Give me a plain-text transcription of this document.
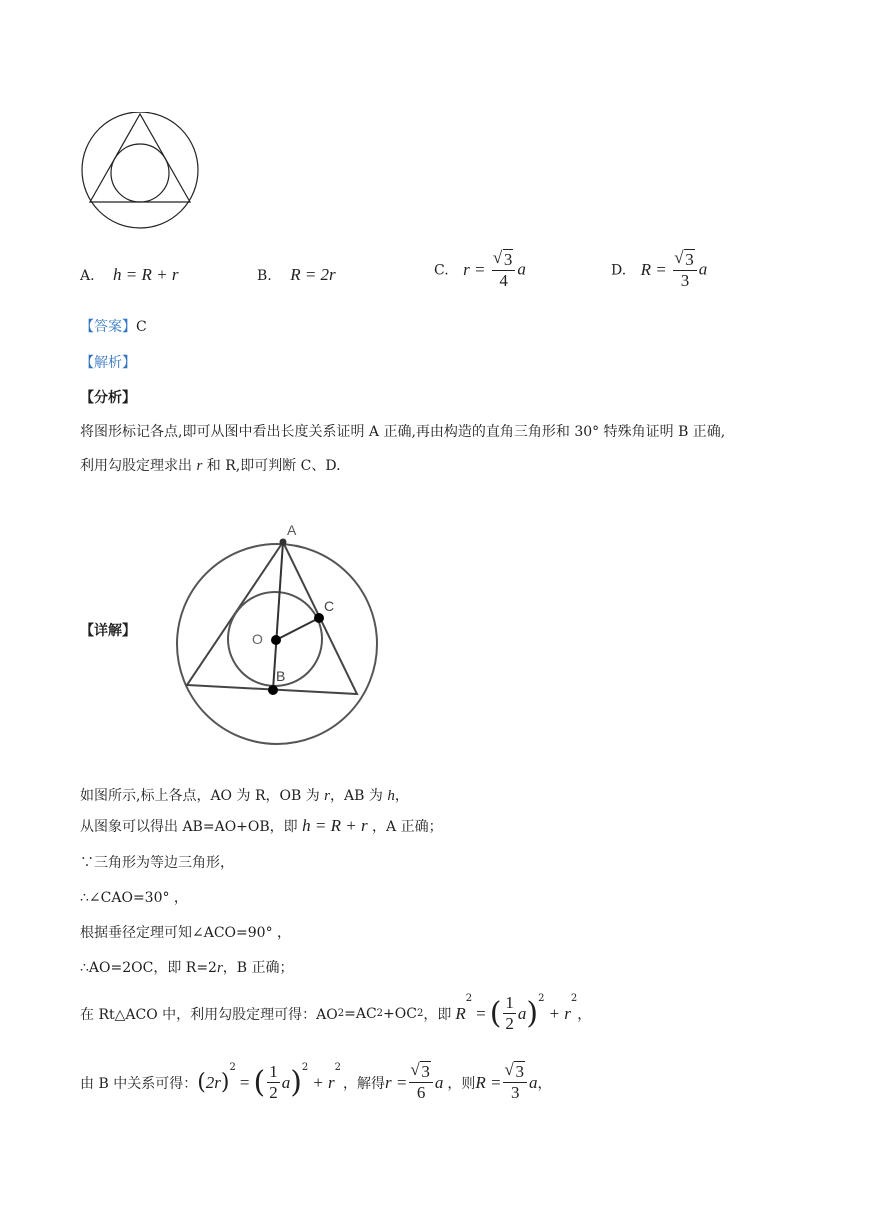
A. h = R + r	B. R = 2r	C. r = √ $\frac{3}{4}$ a	D. R = √ $\frac{3}{3}$ a
【答案】C
【解析】
【分析】
将图形标记各点,即可从图中看出长度关系证明 A 正确,再由构造的直角三角形和 30° 特殊角证明 B 正确,
利用勾股定理求出 r 和 R,即可判断 C、D.
【详解】
A
C
O
B
如图所示,标上各点，AO 为 R，OB 为 r，AB 为 h，
从图象可以得出 AB=AO+OB，即 h = R + r ，A 正确；
∵三角形为等边三角形，
∴∠CAO=30° ，
根据垂径定理可知∠ACO=90° ，
∴AO=2OC，即 R=2r，B 正确；
在 Rt△ACO 中，利用勾股定理可得：AO 2 =AC 2 +OC 2 ，即 R
$^2$
= ( $\frac{1}{2}$ a )$^2$
+ r
$^2$
，
由 B 中关系可得： ( 2r )
$^2$
= ( $\frac{1}{2}$ a )$^2$
+ r
$^2$
，解得 r = √ $\frac{3}{6}$ a ，则 R = √ $\frac{3}{3}$ a ，
